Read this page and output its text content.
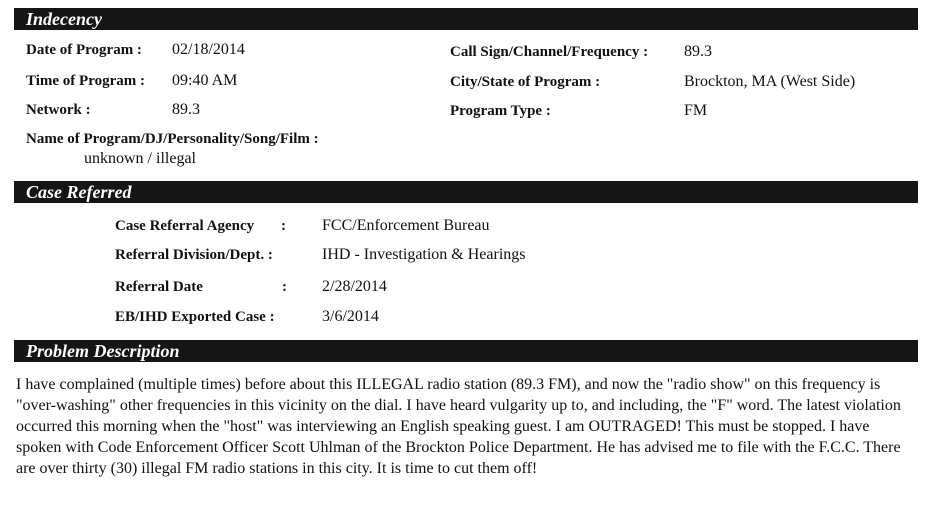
Indecency
Date of Program : 02/18/2014
Time of Program : 09:40 AM
Network :	89.3
Name of Program/DJ/Personality/Song/Film :
unknown / illegal
Call Sign/Channel/Frequency : 89.3
City/State of Program :	Brockton, MA (West Side)
Program Type :	FM
Case Referred
Case Referral Agency : FCC/Enforcement Bureau
Referral Division/Dept. :	IHD - Investigation & Hearings
Referral Date	: 2/28/2014
EB/IHD Exported Case :	3/6/2014
Problem Description

I have complained (multiple times) before about this ILLEGAL radio station (89.3 FM), and now the "radio show" on this frequency is "over-washing" other frequencies in this vicinity on the dial. I have heard vulgarity up to, and including, the "F" word. The latest violation occurred this morning when the "host" was interviewing an English speaking guest. I am OUTRAGED! This must be stopped. I have spoken with Code Enforcement Officer Scott Uhlman of the Brockton Police Department. He has advised me to file with the F.C.C. There are over thirty (30) illegal FM radio stations in this city. It is time to cut them off!
